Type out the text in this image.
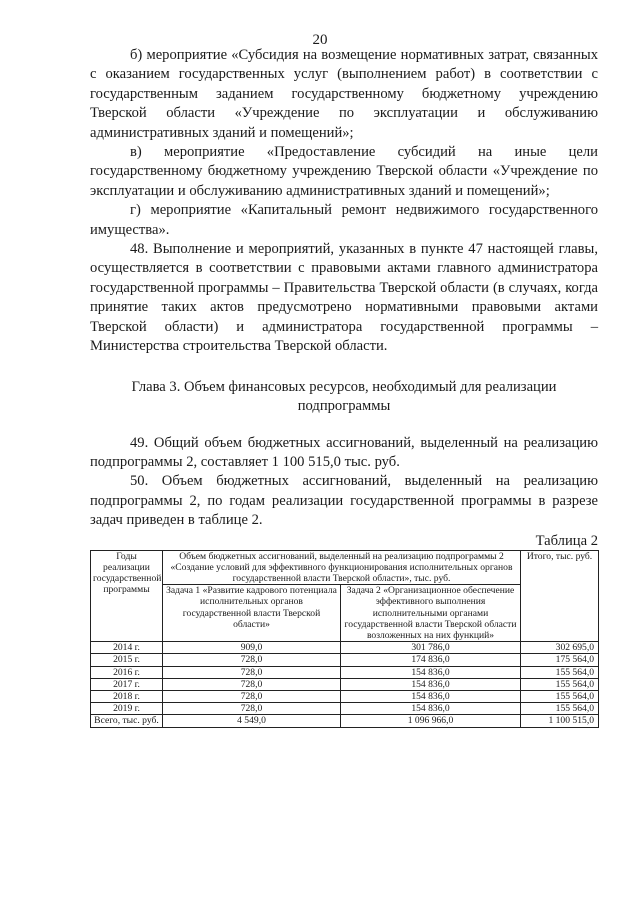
20

б) мероприятие «Субсидия на возмещение нормативных затрат, связанных с оказанием государственных услуг (выполнением работ) в соответствии с государственным заданием государственному бюджетному учреждению Тверской области «Учреждение по эксплуатации и обслуживанию административных зданий и помещений»;

в) мероприятие «Предоставление субсидий на иные цели государственному бюджетному учреждению Тверской области «Учреждение по эксплуатации и обслуживанию административных зданий и помещений»;

г) мероприятие «Капитальный ремонт недвижимого государственного имущества».

48. Выполнение и мероприятий, указанных в пункте 47 настоящей главы, осуществляется в соответствии с правовыми актами главного администратора государственной программы – Правительства Тверской области (в случаях, когда принятие таких актов предусмотрено нормативными правовыми актами Тверской области) и администратора государственной программы – Министерства строительства Тверской области.

Глава 3. Объем финансовых ресурсов, необходимый для реализации
подпрограммы

49. Общий объем бюджетных ассигнований, выделенный на реализацию подпрограммы 2, составляет 1 100 515,0 тыс. руб.

50. Объем бюджетных ассигнований, выделенный на реализацию подпрограммы 2, по годам реализации государственной программы в разрезе задач приведен в таблице 2.

Таблица 2
Годы реализации государственной программы	Объем бюджетных ассигнований, выделенный на реализацию подпрограммы 2 «Создание условий для эффективного функционирования исполнительных органов государственной власти Тверской области», тыс. руб.		Итого, тыс. руб.
	Задача 1 «Развитие кадрового потенциала исполнительных органов государственной власти Тверской области»	Задача 2 «Организационное обеспечение эффективного выполнения исполнительными органами государственной власти Тверской области возложенных на них функций»	
2014 г.	909,0	301 786,0	302 695,0
2015 г.	728,0	174 836,0	175 564,0
2016 г.	728,0	154 836,0	155 564,0
2017 г.	728,0	154 836,0	155 564,0
2018 г.	728,0	154 836,0	155 564,0
2019 г.	728,0	154 836,0	155 564,0
Всего, тыс. руб.	4 549,0	1 096 966,0	1 100 515,0
